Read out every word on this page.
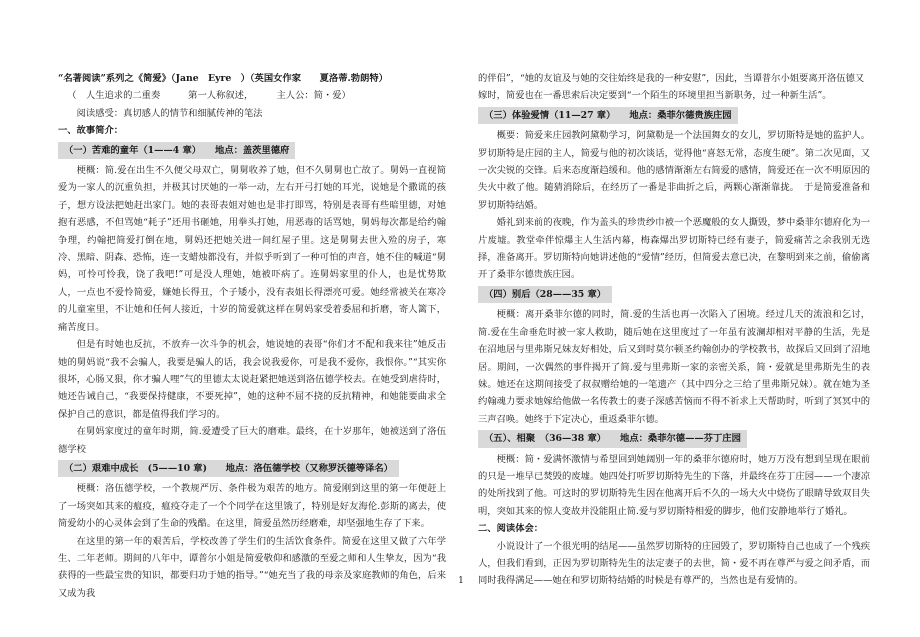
“名著阅读”系列之《简爱》（Jane　Eyre　）（英国女作家　　夏洛蒂.勃朗特）

（　人生追求的二重奏　　　第一人称叙述，　　　主人公：简・爱）

阅读感受：真切感人的情节和细腻传神的笔法

一、故事简介：

（一）苦难的童年（1——4 章）　　地点：盖茨里德府

梗概：简.爱在出生不久便父母双亡，舅舅收养了她，但不久舅舅也亡故了。舅妈一直视简爱为一家人的沉重负担，并极其讨厌她的一举一动，左右开弓打她的耳光，说她是个撒谎的孩子，想方设法把她赶出家门。她的表哥表姐对她也是非打即骂，特别是表哥有些暗里德，对她抱有恶感，不但骂她“耗子”还用书砸她，用拳头打她，用恶毒的话骂她，舅妈每次都是给约翰争理，约翰把简爱打倒在地，舅妈还把她关进一间红屋子里。这是舅舅去世入殓的房子，寒冷、黑暗、阴森、恐怖，连一支蜡烛都没有，并似乎听到了一种可怕的声音，她不住的喊道“舅妈，可怜可怜我，饶了我吧!”可是没人理她，她被吓病了。连舅妈家里的仆人，也是忧势欺人，一点也不爱怜简爱，嫌她长得丑，个子矮小，没有表姐长得漂亮可爱。她经常被关在寒冷的儿童室里，不让她和任何人接近，十岁的简爱就这样在舅妈家受着委屈和折磨，寄人篱下，痛苦度日。

但是有时她也反抗，不放弃一次斗争的机会，她说她的表哥“你们才不配和我来往”她反击她的舅妈说“我不会骗人，我要是骗人的话，我会说我爱你，可是我不爱你，我恨你。”“其实你很坏，心肠又狠，你才骗人哩”气的里德太太说赶紧把她送到洛伍德学校去。在她受到虐待时，她还告诫自己，“我要保持健康，不要死掉”，她的这种不屈不挠的反抗精神，和她能要曲求全保护自己的意识，都是值得我们学习的。

在舅妈家度过的童年时期，简.爱遭受了巨大的磨难。最终，在十岁那年，她被送到了洛伍德学校

（二）艰难中成长　(5——10 章)　　地点：洛伍德学校（又称罗沃德等译名）

梗概：洛伍德学校，一个教规严厉、条件极为艰苦的地方。简爱刚到这里的第一年便赶上了一场突如其来的瘟疫，瘟疫夺走了一个个同学在这里饿了，特别是好友海伦.彭斯的离去，使简爱幼小的心灵体会到了生命的残酷。在这里，简爱虽然历经磨难，却坚强地生存了下来。

在这里的第一年的艰苦后，学校改善了学生们的生活饮食条件。简爱在这里又做了六年学生、二年老师。期间的八年中，谭普尔小姐是简爱敬仰和感激的至爱之师和人生挚友，因为“我获得的一些最宝贵的知识，都要归功于她的指导。”“她充当了我的母亲及家庭教师的角色，后来又成为我

的伴侣”，“她的友谊及与她的交往始终是我的一种安慰”，因此，当谭普尔小姐要离开洛伍德又嫁时，简爱也在一番思索后决定要到“一个陌生的环境里担当新职务，过一种新生活”。

（三）体验爱情（11—27 章）　　地点：桑菲尔德贵族庄园

概要：简爱来庄园教阿黛勒学习，阿黛勒是一个法国舞女的女儿，罗切斯特是她的监护人。罗切斯特是庄园的主人，简爱与他的初次谈话，觉得他“喜怒无常，态度生硬”。第二次见面，又一次尖锐的交锋。后来态度渐趋缓和。他的感情渐渐左右简爱的感情，简爱还在一次不明原因的失火中救了他。随猜消除后，在经历了一番是非曲折之后，两颗心渐渐靠拢。　于是简爱准备和罗切斯特结婚。

婚礼到来前的夜晚，作为盖头的珍贵纱巾被一个恶魔般的女人撕毁，梦中桑菲尔德府化为一片废墟。教堂牵伴惊爆主人生活内幕，梅森爆出罗切斯特已经有妻子，简爱痛苦之余我别无选择，准备离开。罗切斯特向她讲述他的“爱情”经历，但简爱去意已决，在黎明到来之前，偷偷离开了桑菲尔德贵族庄园。

（四）别后（28——35 章）

梗概：离开桑菲尔德的同时，简.爱的生活也再一次陷入了困境。经过几天的流浪和乞讨，简.爱在生命垂危时被一家人救助，随后她在这里度过了一年虽有波澜却相对平静的生活，先是在沼地居与里弗斯兄妹友好相处，后又到时莫尔顿圣约翰创办的学校教书，故探后又回到了沼地居。期间，一次偶然的事件揭开了简.爱与里弗斯一家的亲密关系，简・爱就是里弗斯先生的表妹。她还在这期间接受了叔叔赠给她的一笔遗产（其中四分之三给了里弗斯兄妹）。就在她为圣约翰魂力要求她嫁给他做一名传教士的妻子深感苦恼而不得不祈求上天帮助时，听到了冥冥中的三声召唤。她终于下定决心，重返桑菲尔德。

（五）、相聚　（36—38 章）　　地点：桑菲尔德——芬丁庄园

梗概：简・爱满怀激情与希望回到她阔别一年的桑菲尔德府时，她万万没有想到呈现在眼前的只是一堆早已焚毁的废墟。她四处打听罗切斯特先生的下落，并最终在芬丁庄园——一个凄凉的处所找到了他。可这时的罗切斯特先生因在他离开后不久的一场大火中烧伤了眼睛导致双目失明，突如其来的惊人变故并没能阻止简.爱与罗切斯特相爱的脚步，他们安静地举行了婚礼。

二、阅读体会：

小说设计了一个很光明的结尾——虽然罗切斯特的庄园毁了，罗切斯特自己也成了一个残疾人，但我们看到，正因为罗切斯特先生的法定妻子的去世，简・爱不再在尊严与爱之间矛盾，而同时我得满足——她在和罗切斯特结婚的时候是有尊严的，当然也是有爱情的。

1
